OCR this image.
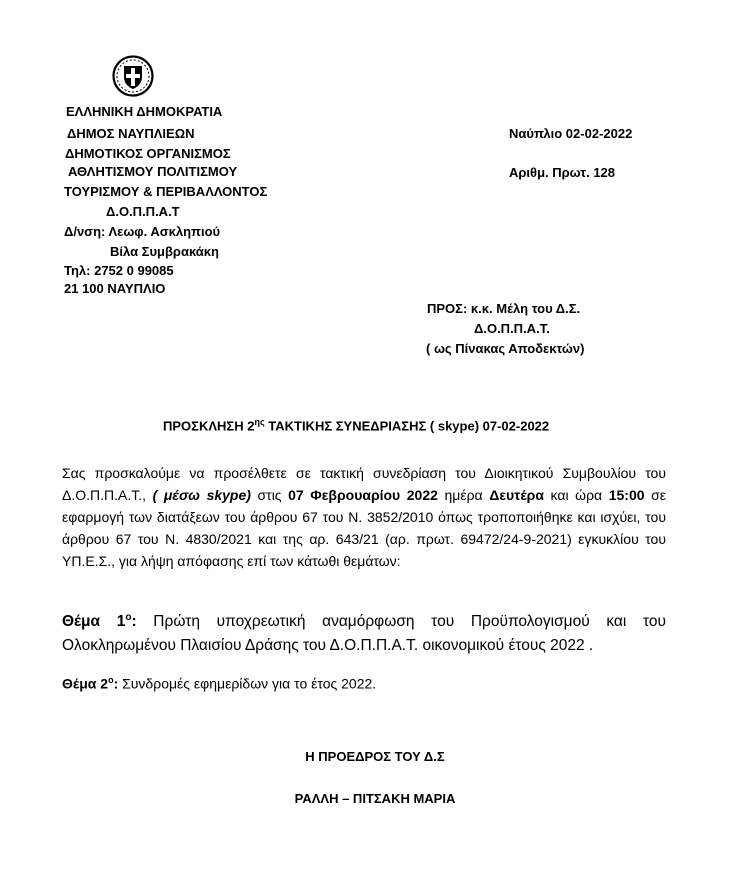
ΕΛΛΗΝΙΚΗ ΔΗΜΟΚΡΑΤΙΑ
ΔΗΜΟΣ ΝΑΥΠΛΙΕΩΝ
ΔΗΜΟΤΙΚΟΣ ΟΡΓΑΝΙΣΜΟΣ
ΑΘΛΗΤΙΣΜΟΥ ΠΟΛΙΤΙΣΜΟΥ
ΤΟΥΡΙΣΜΟΥ & ΠΕΡΙΒΑΛΛΟΝΤΟΣ
Δ.Ο.Π.Π.Α.Τ
Δ/νση: Λεωφ. Ασκληπιού
Βίλα Συμβρακάκη
Τηλ: 2752 0 99085
21 100 ΝΑΥΠΛΙΟ
Ναύπλιο 02-02-2022
Αριθμ. Πρωτ. 128
ΠΡΟΣ: κ.κ. Μέλη του Δ.Σ.
Δ.Ο.Π.Π.Α.Τ.
( ως Πίνακας Αποδεκτών)
ΠΡΟΣΚΛΗΣΗ $2^{\eta\varsigma}$ ΤΑΚΤΙΚΗΣ ΣΥΝΕΔΡΙΑΣΗΣ ( skype) 07-02-2022
Σας προσκαλούμε να προσέλθετε σε τακτική συνεδρίαση του Διοικητικού Συμβουλίου του Δ.Ο.Π.Π.Α.Τ., ( μέσω skype) στις 07 Φεβρουαρίου 2022 ημέρα Δευτέρα και ώρα 15:00 σε εφαρμογή των διατάξεων του άρθρου 67 του Ν. 3852/2010 όπως τροποποιήθηκε και ισχύει, του άρθρου 67 του Ν. 4830/2021 και της αρ. 643/21 (αρ. πρωτ. 69472/24-9-2021) εγκυκλίου του ΥΠ.Ε.Σ., για λήψη απόφασης επί των κάτωθι θεμάτων:
Θέμα $1^o$: Πρώτη υποχρεωτική αναμόρφωση του Προϋπολογισμού και του Ολοκληρωμένου Πλαισίου Δράσης του Δ.Ο.Π.Π.Α.Τ. οικονομικού έτους 2022 .
Θέμα $2^o$: Συνδρομές εφημερίδων για το έτος 2022.
Η ΠΡΟΕΔΡΟΣ ΤΟΥ Δ.Σ
ΡΑΛΛΗ – ΠΙΤΣΑΚΗ ΜΑΡΙΑ
